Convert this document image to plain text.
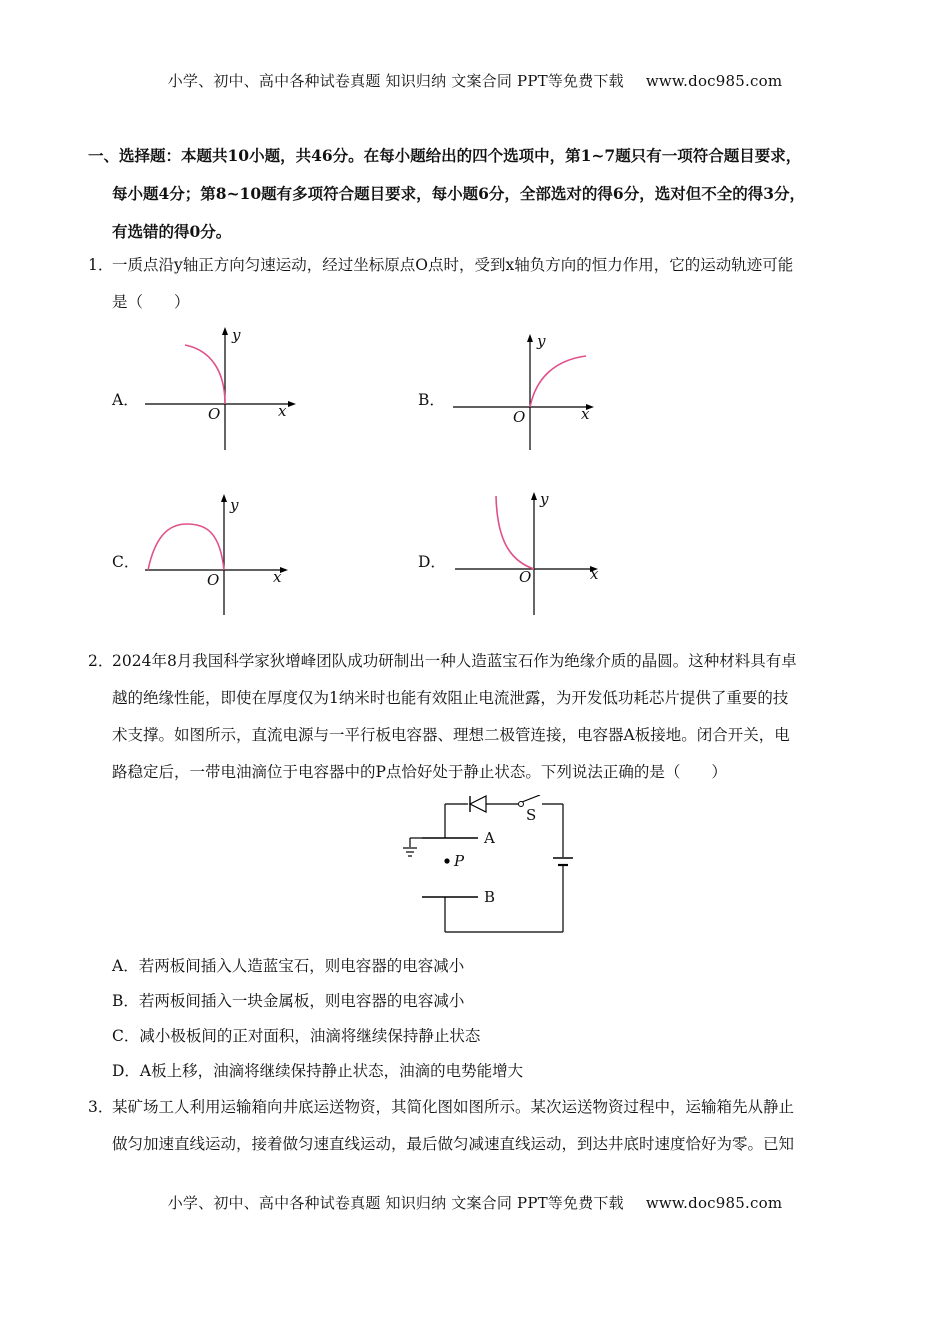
小学、初中、高中各种试卷真题 知识归纳 文案合同 PPT等免费下载 www.doc985.com
一、选择题：本题共10小题，共46分。在每小题给出的四个选项中，第1~7题只有一项符合题目要求，
每小题4分；第8~10题有多项符合题目要求，每小题6分，全部选对的得6分，选对但不全的得3分，
有选错的得0分。
1．一质点沿y轴正方向匀速运动，经过坐标原点O点时，受到x轴负方向的恒力作用，它的运动轨迹可能
是（　　）
A．
y
x
O
B．
y
x
O
C．
y
x
O
D．
y
x
O
2．2024年8月我国科学家狄增峰团队成功研制出一种人造蓝宝石作为绝缘介质的晶圆。这种材料具有卓
越的绝缘性能，即使在厚度仅为1纳米时也能有效阻止电流泄露，为开发低功耗芯片提供了重要的技
术支撑。如图所示，直流电源与一平行板电容器、理想二极管连接，电容器A板接地。闭合开关，电
路稳定后，一带电油滴位于电容器中的P点恰好处于静止状态。下列说法正确的是（　　）
A
B
P
S
A．若两板间插入人造蓝宝石，则电容器的电容减小
B．若两板间插入一块金属板，则电容器的电容减小
C．减小极板间的正对面积，油滴将继续保持静止状态
D．A板上移，油滴将继续保持静止状态，油滴的电势能增大
3．某矿场工人利用运输箱向井底运送物资，其简化图如图所示。某次运送物资过程中，运输箱先从静止
做匀加速直线运动，接着做匀速直线运动，最后做匀减速直线运动，到达井底时速度恰好为零。已知
小学、初中、高中各种试卷真题 知识归纳 文案合同 PPT等免费下载 www.doc985.com
